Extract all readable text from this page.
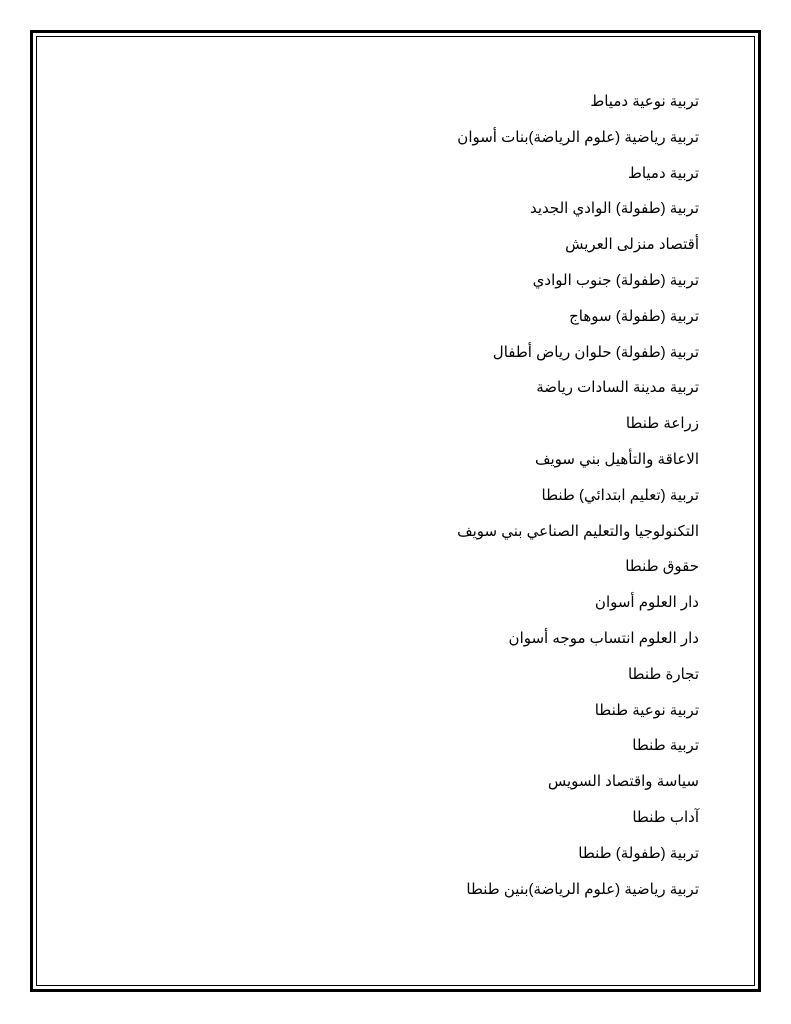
تربية نوعية دمياط
تربية رياضية (علوم الرياضة)بنات أسوان
تربية دمياط
تربية (طفولة) الوادي الجديد
أقتصاد منزلى العريش
تربية (طفولة) جنوب الوادي
تربية (طفولة) سوهاج
تربية (طفولة) حلوان رياض أطفال
تربية مدينة السادات رياضة
زراعة طنطا
الاعاقة والتأهيل بني سويف
تربية (تعليم ابتدائي) طنطا
التكنولوجيا والتعليم الصناعي بني سويف
حقوق طنطا
دار العلوم أسوان
دار العلوم انتساب موجه أسوان
تجارة طنطا
تربية نوعية طنطا
تربية طنطا
سياسة واقتصاد السويس
آداب طنطا
تربية (طفولة) طنطا
تربية رياضية (علوم الرياضة)بنين طنطا
